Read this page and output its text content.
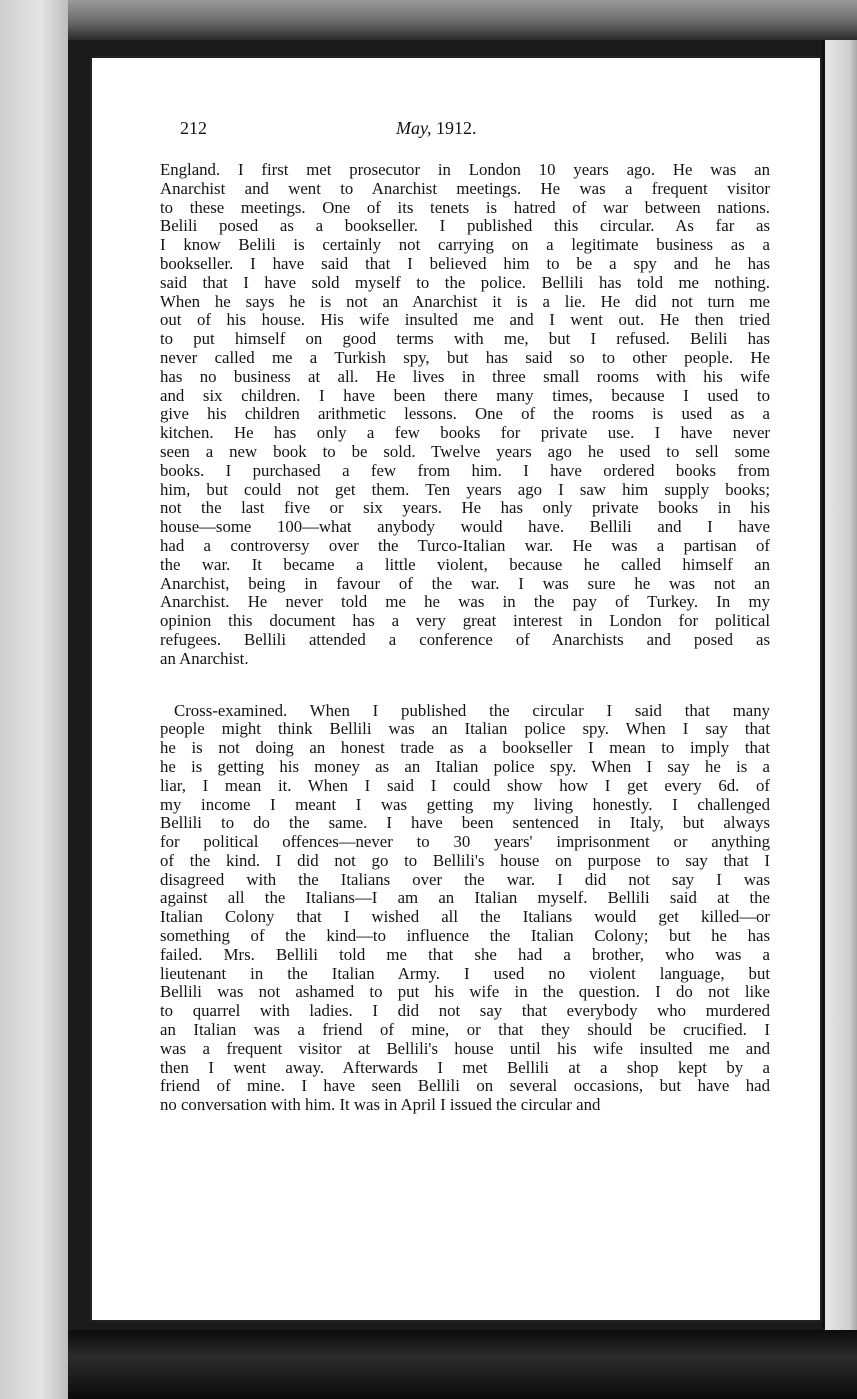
212	May, 1912.
England. I first met prosecutor in London 10 years ago. He was an
Anarchist and went to Anarchist meetings. He was a frequent visitor
to these meetings. One of its tenets is hatred of war between nations.
Belili posed as a bookseller. I published this circular. As far as
I know Belili is certainly not carrying on a legitimate business as a
bookseller. I have said that I believed him to be a spy and he has
said that I have sold myself to the police. Bellili has told me nothing.
When he says he is not an Anarchist it is a lie. He did not turn me
out of his house. His wife insulted me and I went out. He then tried
to put himself on good terms with me, but I refused. Belili has
never called me a Turkish spy, but has said so to other people. He
has no business at all. He lives in three small rooms with his wife
and six children. I have been there many times, because I used to
give his children arithmetic lessons. One of the rooms is used as a
kitchen. He has only a few books for private use. I have never
seen a new book to be sold. Twelve years ago he used to sell some
books. I purchased a few from him. I have ordered books from
him, but could not get them. Ten years ago I saw him supply books;
not the last five or six years. He has only private books in his
house—some 100—what anybody would have. Bellili and I have
had a controversy over the Turco-Italian war. He was a partisan of
the war. It became a little violent, because he called himself an
Anarchist, being in favour of the war. I was sure he was not an
Anarchist. He never told me he was in the pay of Turkey. In my
opinion this document has a very great interest in London for political
refugees. Bellili attended a conference of Anarchists and posed as
an Anarchist.
Cross-examined. When I published the circular I said that many
people might think Bellili was an Italian police spy. When I say that
he is not doing an honest trade as a bookseller I mean to imply that
he is getting his money as an Italian police spy. When I say he is a
liar, I mean it. When I said I could show how I get every 6d. of
my income I meant I was getting my living honestly. I challenged
Bellili to do the same. I have been sentenced in Italy, but always
for political offences—never to 30 years' imprisonment or anything
of the kind. I did not go to Bellili's house on purpose to say that I
disagreed with the Italians over the war. I did not say I was
against all the Italians—I am an Italian myself. Bellili said at the
Italian Colony that I wished all the Italians would get killed—or
something of the kind—to influence the Italian Colony; but he has
failed. Mrs. Bellili told me that she had a brother, who was a
lieutenant in the Italian Army. I used no violent language, but
Bellili was not ashamed to put his wife in the question. I do not like
to quarrel with ladies. I did not say that everybody who murdered
an Italian was a friend of mine, or that they should be crucified. I
was a frequent visitor at Bellili's house until his wife insulted me and
then I went away. Afterwards I met Bellili at a shop kept by a
friend of mine. I have seen Bellili on several occasions, but have had
no conversation with him. It was in April I issued the circular and
